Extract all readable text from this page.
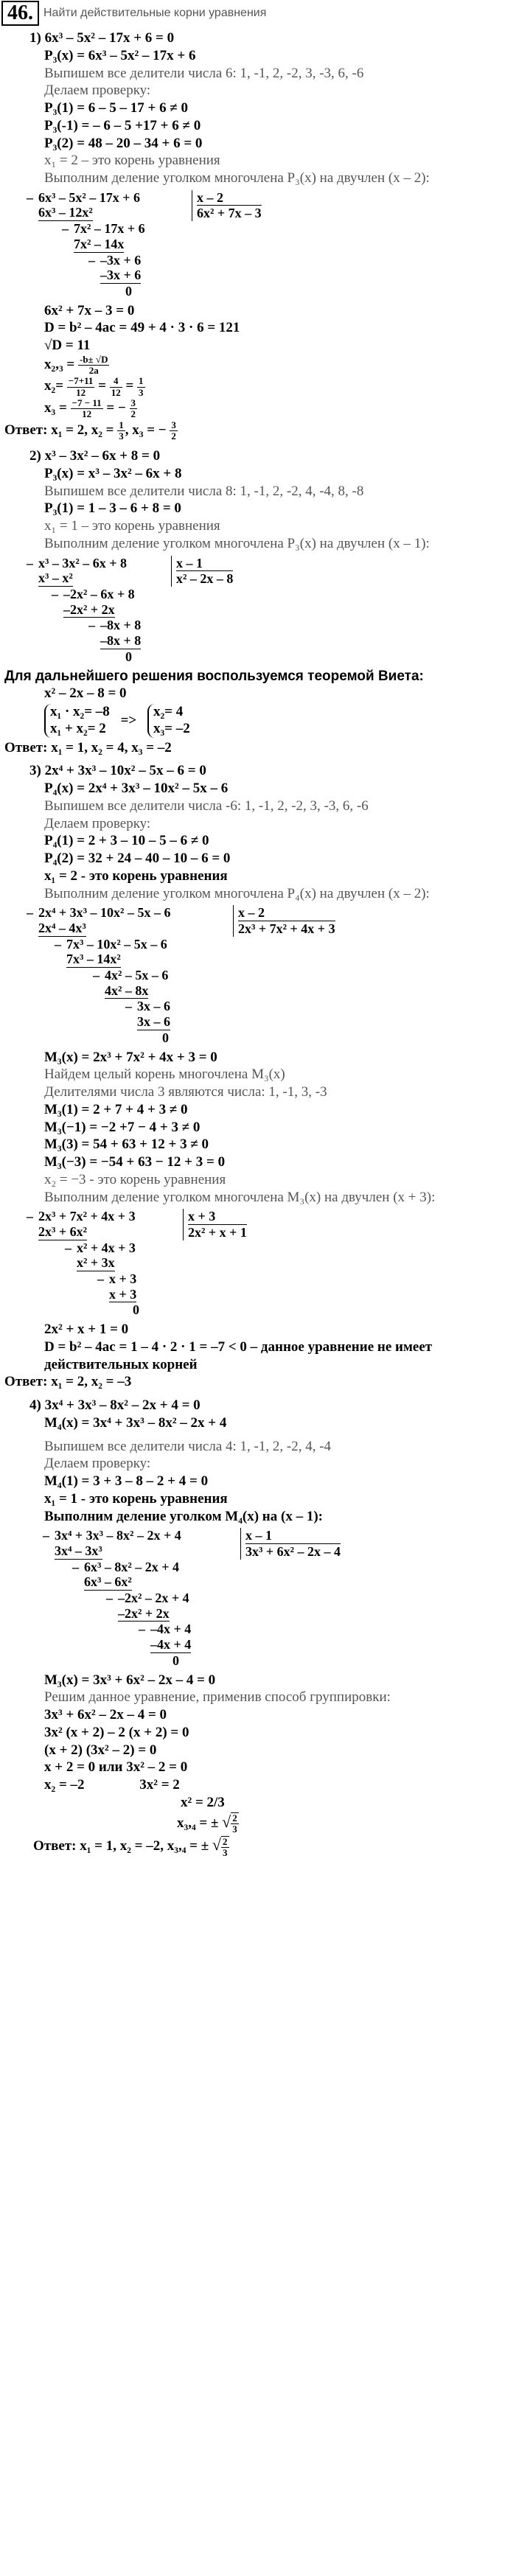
46. Найти действительные корни уравнения

1) 6x³ – 5x² – 17x + 6 = 0

P₃(x) = 6x³ – 5x² – 17x + 6

Выпишем все делители числа 6: 1, -1, 2, -2, 3, -3, 6, -6

Делаем проверку:

P₃(1) = 6 – 5 – 17 + 6 ≠ 0

P₃(-1) = – 6 – 5 +17 + 6 ≠ 0

P₃(2) = 48 – 20 – 34 + 6 = 0

x₁ = 2 – это корень уравнения

Выполним деление уголком многочлена P₃(x) на двучлен (x – 2):

– 6x³ – 5x² – 17x + 6	x – 2
6x² + 7x – 3
6x³ – 12x²
– 7x² – 17x + 6
7x² – 14x
– –3x + 6
–3x + 6
0

6x² + 7x – 3 = 0

D = b² – 4ac = 49 + 4 · 3 · 6 = 121

√D = 11

$x_2,_3 = \frac{-b\pm √D}{2a}$

$x_2= \frac{-7+11}{12} = \frac{4}{12} = \frac{1}{3}$

$x_3 = \frac{-7 - 11}{12}$ = − $\frac{3}{2}$

Ответ: x₁ = 2, $x_2 = \frac{1}{3}$ , x₃ = − $\frac{3}{2}$

2) x³ – 3x² – 6x + 8 = 0

P₃(x) = x³ – 3x² – 6x + 8

Выпишем все делители числа 8: 1, -1, 2, -2, 4, -4, 8, -8

P₃(1) = 1 – 3 – 6 + 8 = 0

x₁ = 1 – это корень уравнения

Выполним деление уголком многочлена P₃(x) на двучлен (x – 1):

– x³ – 3x² – 6x + 8	x – 1
x² – 2x – 8
x³ – x²
– –2x² – 6x + 8
–2x² + 2x
– –8x + 8
–8x + 8
0

Для дальнейшего решения воспользуемся теоремой Виета:

x² – 2x – 8 = 0

x₁ · x₂= –8
x₁ + x₂= 2
=>
x₂= 4
x₃= –2

Ответ: x₁ = 1, x₂ = 4, x₃ = –2

3) 2x⁴ + 3x³ – 10x² – 5x – 6 = 0

P₄(x) = 2x⁴ + 3x³ – 10x² – 5x – 6

Выпишем все делители числа -6: 1, -1, 2, -2, 3, -3, 6, -6

Делаем проверку:

P₄(1) = 2 + 3 – 10 – 5 – 6 ≠ 0

P₄(2) = 32 + 24 – 40 – 10 – 6 = 0

x₁ = 2 - это корень уравнения

Выполним деление уголком многочлена P₄(x) на двучлен (x – 2):

– 2x⁴ + 3x³ – 10x² – 5x – 6	x – 2
2x³ + 7x² + 4x + 3
2x⁴ – 4x³
– 7x³ – 10x² – 5x – 6
7x³ – 14x²
– 4x² – 5x – 6
4x² – 8x
– 3x – 6
3x – 6
0

M₃(x) = 2x³ + 7x² + 4x + 3 = 0

Найдем целый корень многочлена M₃(x)

Делителями числа 3 являются числа: 1, -1, 3, -3

M₃(1) = 2 + 7 + 4 + 3 ≠ 0

M₃(−1) = −2 +7 − 4 + 3 ≠ 0

M₃(3) = 54 + 63 + 12 + 3 ≠ 0

M₃(−3) = −54 + 63 − 12 + 3 = 0

x₂ = −3 - это корень уравнения

Выполним деление уголком многочлена M₃(x) на двучлен (x + 3):

– 2x³ + 7x² + 4x + 3	x + 3
2x² + x + 1
2x³ + 6x²
– x² + 4x + 3
x² + 3x
– x + 3
x + 3
0

2x² + x + 1 = 0

D = b² – 4ac = 1 – 4 · 2 · 1 = –7 < 0 – данное уравнение не имеет

действительных корней

Ответ: x₁ = 2, x₂ = –3

4) 3x⁴ + 3x³ – 8x² – 2x + 4 = 0

M₄(x) = 3x⁴ + 3x³ – 8x² – 2x + 4

Выпишем все делители числа 4: 1, -1, 2, -2, 4, -4

Делаем проверку:

M₄(1) = 3 + 3 – 8 – 2 + 4 = 0

x₁ = 1 - это корень уравнения

Выполним деление уголком M₄(x) на (x – 1):

– 3x⁴ + 3x³ – 8x² – 2x + 4	x – 1
3x³ + 6x² – 2x – 4
3x⁴ – 3x³
– 6x³ – 8x² – 2x + 4
6x³ – 6x²
– –2x² – 2x + 4
–2x² + 2x
– –4x + 4
–4x + 4
0

M₃(x) = 3x³ + 6x² – 2x – 4 = 0

Решим данное уравнение, применив способ группировки:

3x³ + 6x² – 2x – 4 = 0

3x² (x + 2) – 2 (x + 2) = 0

(x + 2) (3x² – 2) = 0

x + 2 = 0 или 3x² – 2 = 0

x₂ = –2	3x² = 2

x² = 2/3

x₃,₄ = ± √ $\frac{2}{3}$

Ответ: x₁ = 1, x₂ = –2, x₃,₄ = ± √ $\frac{2}{3}$
